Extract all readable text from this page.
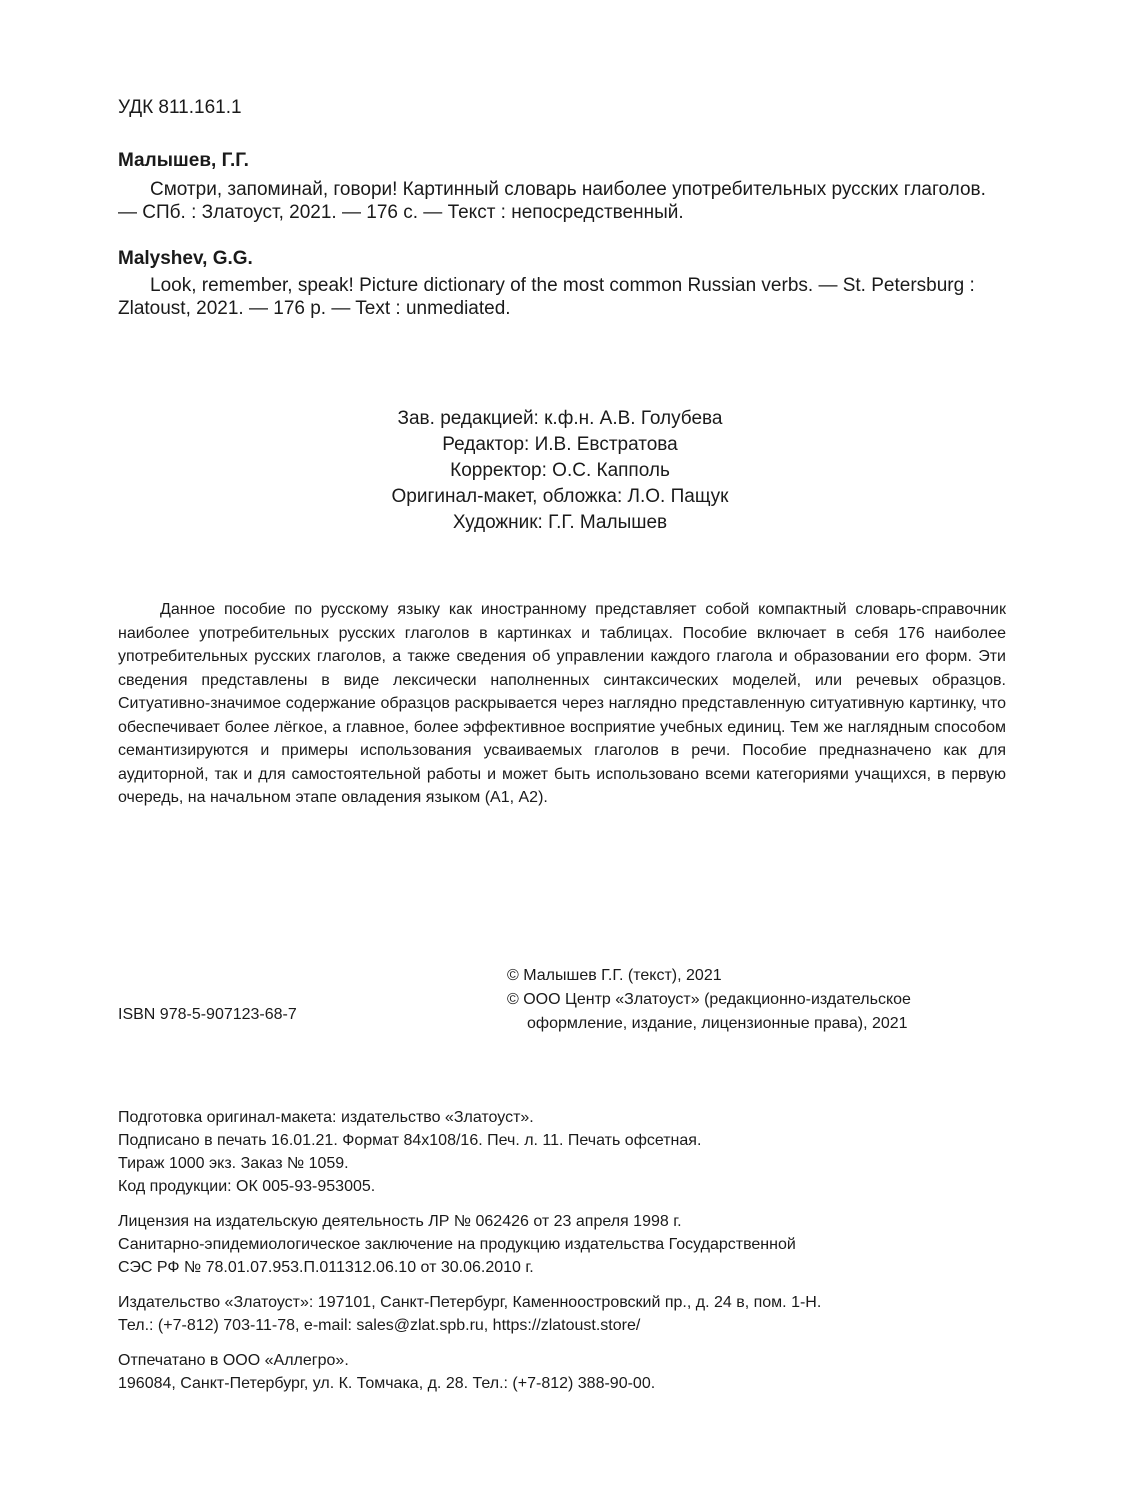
УДК 811.161.1
Малышев, Г.Г.
Смотри, запоминай, говори! Картинный словарь наиболее употребительных русских глаголов. — СПб. : Златоуст, 2021. — 176 с. — Текст : непосредственный.
Malyshev, G.G.
Look, remember, speak! Picture dictionary of the most common Russian verbs. — St. Petersburg : Zlatoust, 2021. — 176 p. — Text : unmediated.
Зав. редакцией: к.ф.н. А.В. Голубева
Редактор: И.В. Евстратова
Корректор: О.С. Капполь
Оригинал-макет, обложка: Л.О. Пащук
Художник: Г.Г. Малышев
Данное пособие по русскому языку как иностранному представляет собой компактный словарь-справочник наиболее употребительных русских глаголов в картинках и таблицах. Пособие включает в себя 176 наиболее употребительных русских глаголов, а также сведения об управлении каждого глагола и образовании его форм. Эти сведения представлены в виде лексически наполненных синтаксических моделей, или речевых образцов. Ситуативно-значимое содержание образцов раскрывается через наглядно представленную ситуативную картинку, что обеспечивает более лёгкое, а главное, более эффективное восприятие учебных единиц. Тем же наглядным способом семантизируются и примеры использования усваиваемых глаголов в речи. Пособие предназначено как для аудиторной, так и для самостоятельной работы и может быть использовано всеми категориями учащихся, в первую очередь, на начальном этапе овладения языком (А1, А2).
ISBN 978-5-907123-68-7
© Малышев Г.Г. (текст), 2021
© ООО Центр «Златоуст» (редакционно-издательское
оформление, издание, лицензионные права), 2021
Подготовка оригинал-макета: издательство «Златоуст».
Подписано в печать 16.01.21. Формат 84x108/16. Печ. л. 11. Печать офсетная.
Тираж 1000 экз. Заказ № 1059.
Код продукции: ОК 005-93-953005.
Лицензия на издательскую деятельность ЛР № 062426 от 23 апреля 1998 г.
Санитарно-эпидемиологическое заключение на продукцию издательства Государственной
СЭС РФ № 78.01.07.953.П.011312.06.10 от 30.06.2010 г.
Издательство «Златоуст»: 197101, Санкт-Петербург, Каменноостровский пр., д. 24 в, пом. 1-Н.
Тел.: (+7-812) 703-11-78, e-mail: sales@zlat.spb.ru, https://zlatoust.store/
Отпечатано в ООО «Аллегро».
196084, Санкт-Петербург, ул. К. Томчака, д. 28. Тел.: (+7-812) 388-90-00.
